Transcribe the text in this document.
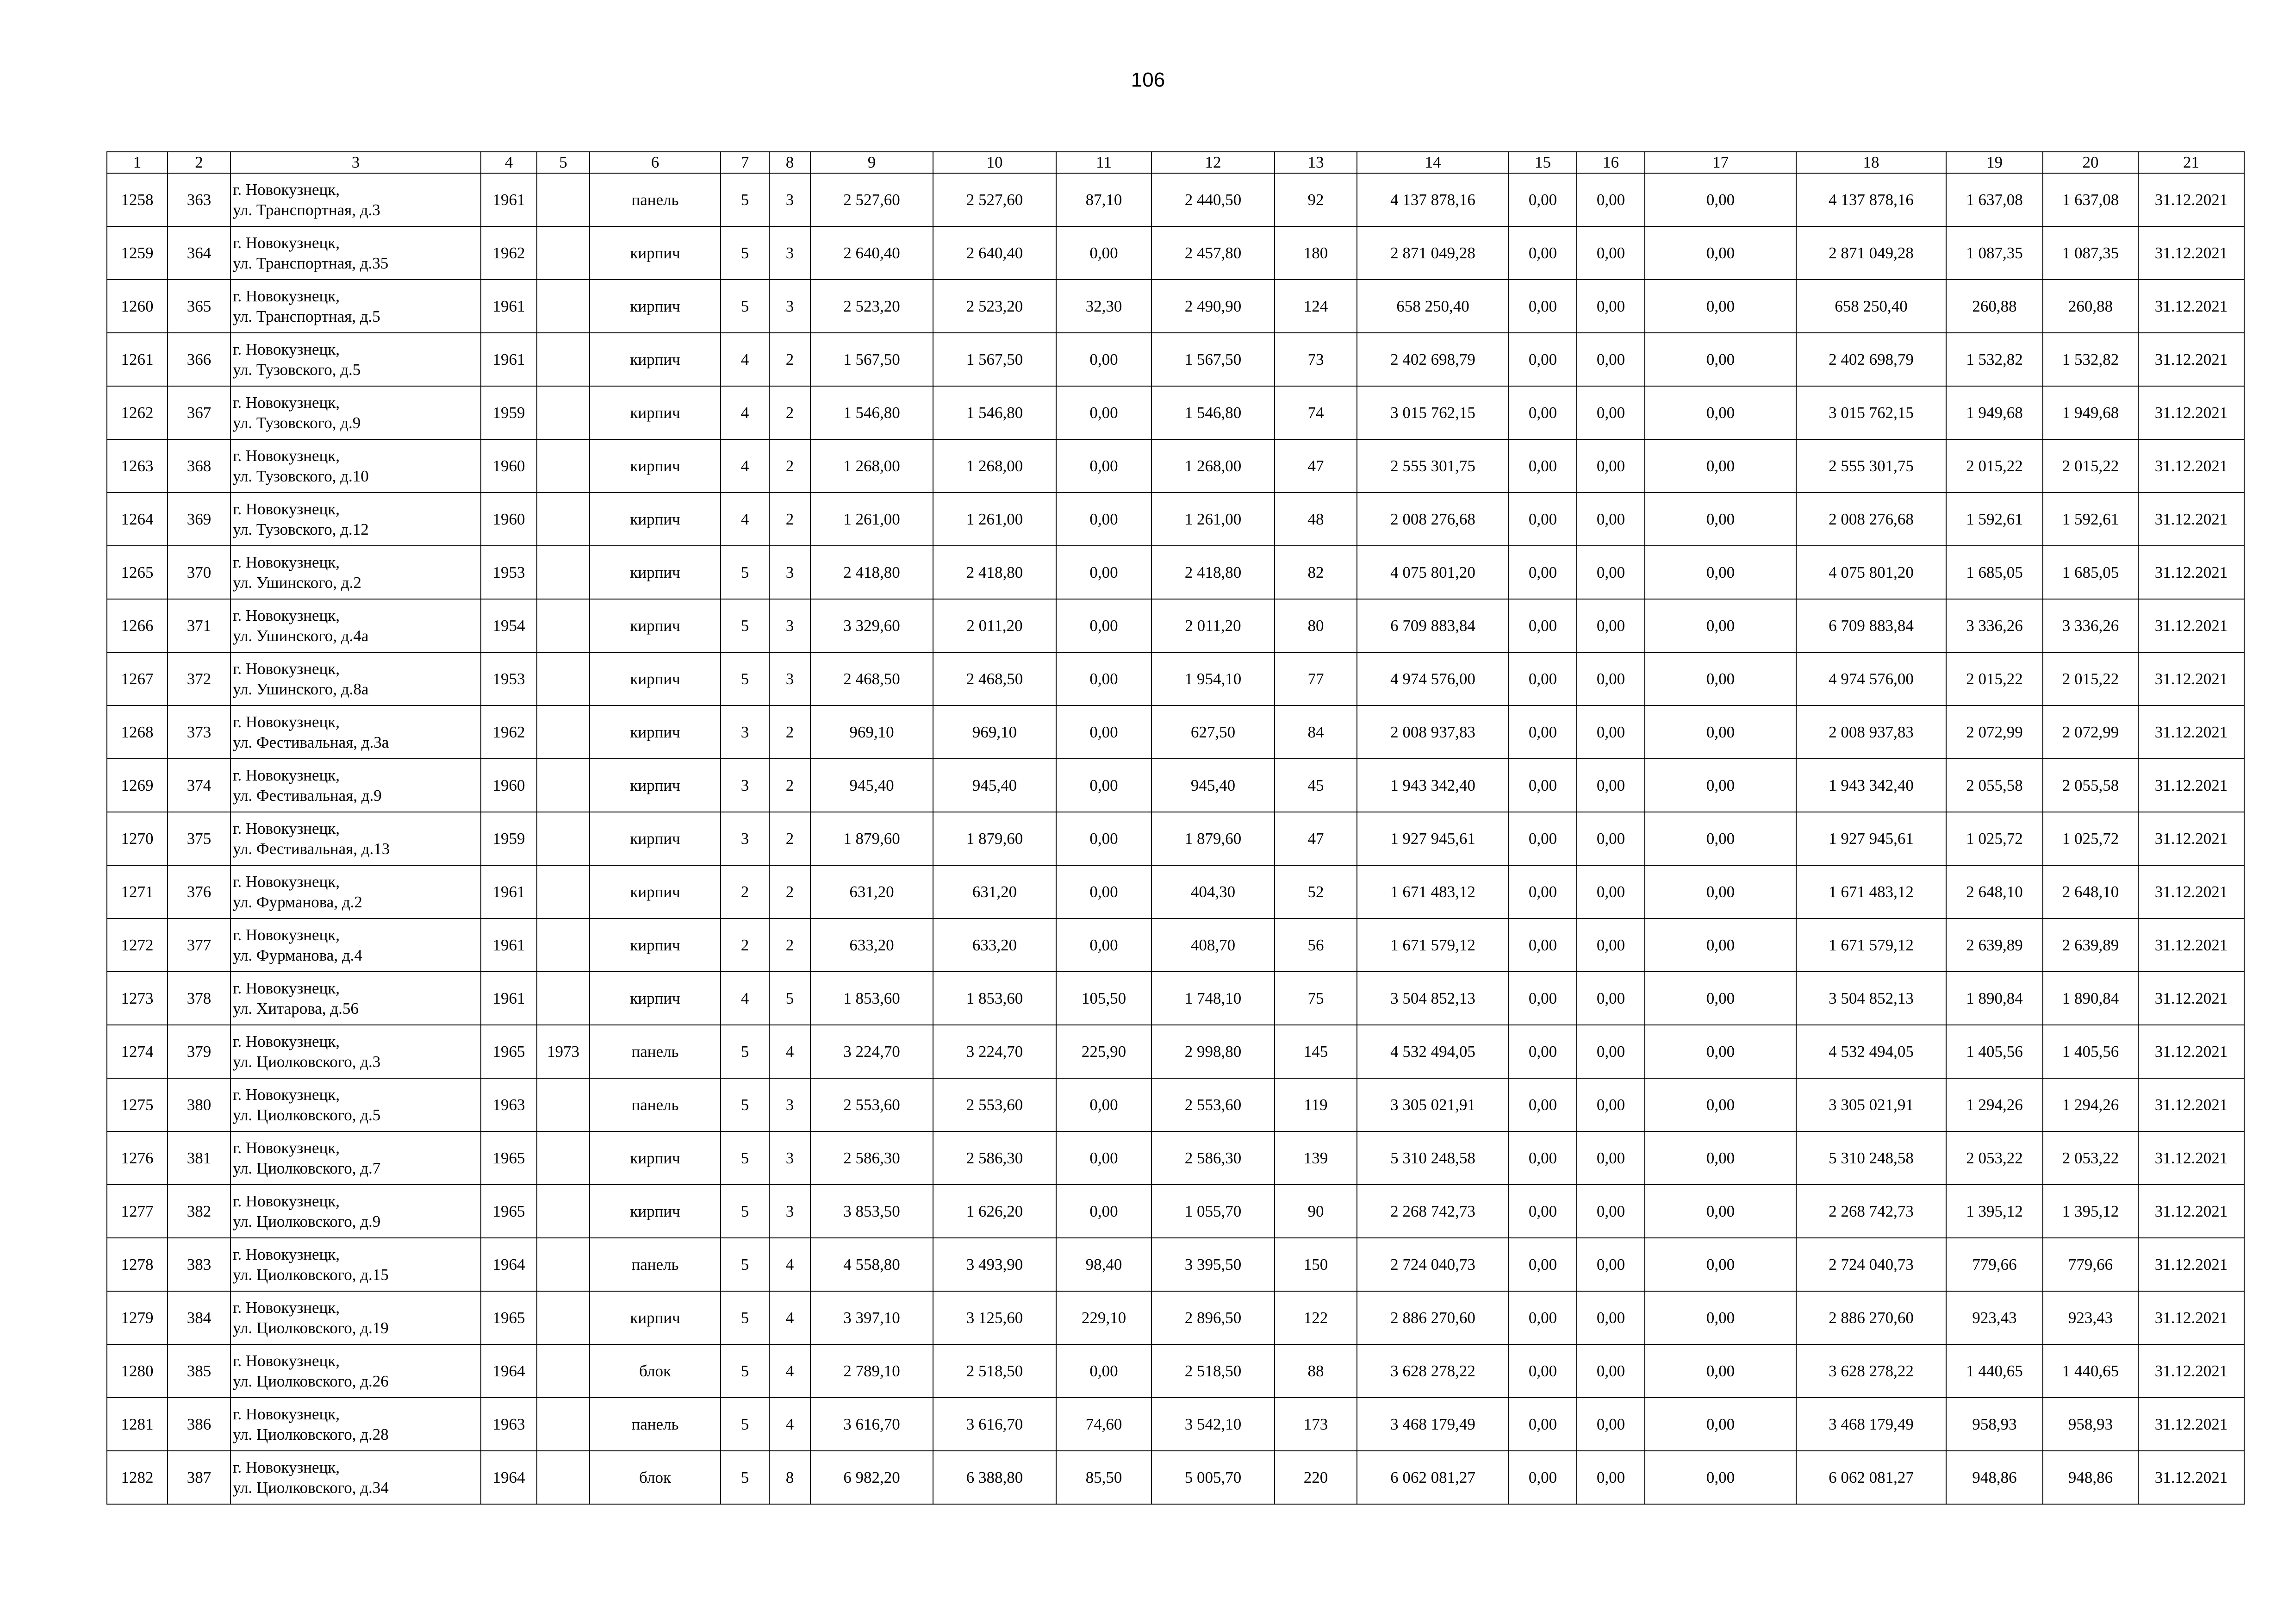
106
1	2	3	4	5	6	7	8	9	10	11	12	13	14	15	16	17	18	19	20	21
1258	363	г. Новокузнецк,
ул. Транспортная, д.3	1961		панель	5	3	2 527,60	2 527,60	87,10	2 440,50	92	4 137 878,16	0,00	0,00	0,00	4 137 878,16	1 637,08	1 637,08	31.12.2021
1259	364	г. Новокузнецк,
ул. Транспортная, д.35	1962		кирпич	5	3	2 640,40	2 640,40	0,00	2 457,80	180	2 871 049,28	0,00	0,00	0,00	2 871 049,28	1 087,35	1 087,35	31.12.2021
1260	365	г. Новокузнецк,
ул. Транспортная, д.5	1961		кирпич	5	3	2 523,20	2 523,20	32,30	2 490,90	124	658 250,40	0,00	0,00	0,00	658 250,40	260,88	260,88	31.12.2021
1261	366	г. Новокузнецк,
ул. Тузовского, д.5	1961		кирпич	4	2	1 567,50	1 567,50	0,00	1 567,50	73	2 402 698,79	0,00	0,00	0,00	2 402 698,79	1 532,82	1 532,82	31.12.2021
1262	367	г. Новокузнецк,
ул. Тузовского, д.9	1959		кирпич	4	2	1 546,80	1 546,80	0,00	1 546,80	74	3 015 762,15	0,00	0,00	0,00	3 015 762,15	1 949,68	1 949,68	31.12.2021
1263	368	г. Новокузнецк,
ул. Тузовского, д.10	1960		кирпич	4	2	1 268,00	1 268,00	0,00	1 268,00	47	2 555 301,75	0,00	0,00	0,00	2 555 301,75	2 015,22	2 015,22	31.12.2021
1264	369	г. Новокузнецк,
ул. Тузовского, д.12	1960		кирпич	4	2	1 261,00	1 261,00	0,00	1 261,00	48	2 008 276,68	0,00	0,00	0,00	2 008 276,68	1 592,61	1 592,61	31.12.2021
1265	370	г. Новокузнецк,
ул. Ушинского, д.2	1953		кирпич	5	3	2 418,80	2 418,80	0,00	2 418,80	82	4 075 801,20	0,00	0,00	0,00	4 075 801,20	1 685,05	1 685,05	31.12.2021
1266	371	г. Новокузнецк,
ул. Ушинского, д.4а	1954		кирпич	5	3	3 329,60	2 011,20	0,00	2 011,20	80	6 709 883,84	0,00	0,00	0,00	6 709 883,84	3 336,26	3 336,26	31.12.2021
1267	372	г. Новокузнецк,
ул. Ушинского, д.8а	1953		кирпич	5	3	2 468,50	2 468,50	0,00	1 954,10	77	4 974 576,00	0,00	0,00	0,00	4 974 576,00	2 015,22	2 015,22	31.12.2021
1268	373	г. Новокузнецк,
ул. Фестивальная, д.3а	1962		кирпич	3	2	969,10	969,10	0,00	627,50	84	2 008 937,83	0,00	0,00	0,00	2 008 937,83	2 072,99	2 072,99	31.12.2021
1269	374	г. Новокузнецк,
ул. Фестивальная, д.9	1960		кирпич	3	2	945,40	945,40	0,00	945,40	45	1 943 342,40	0,00	0,00	0,00	1 943 342,40	2 055,58	2 055,58	31.12.2021
1270	375	г. Новокузнецк,
ул. Фестивальная, д.13	1959		кирпич	3	2	1 879,60	1 879,60	0,00	1 879,60	47	1 927 945,61	0,00	0,00	0,00	1 927 945,61	1 025,72	1 025,72	31.12.2021
1271	376	г. Новокузнецк,
ул. Фурманова, д.2	1961		кирпич	2	2	631,20	631,20	0,00	404,30	52	1 671 483,12	0,00	0,00	0,00	1 671 483,12	2 648,10	2 648,10	31.12.2021
1272	377	г. Новокузнецк,
ул. Фурманова, д.4	1961		кирпич	2	2	633,20	633,20	0,00	408,70	56	1 671 579,12	0,00	0,00	0,00	1 671 579,12	2 639,89	2 639,89	31.12.2021
1273	378	г. Новокузнецк,
ул. Хитарова, д.56	1961		кирпич	4	5	1 853,60	1 853,60	105,50	1 748,10	75	3 504 852,13	0,00	0,00	0,00	3 504 852,13	1 890,84	1 890,84	31.12.2021
1274	379	г. Новокузнецк,
ул. Циолковского, д.3	1965	1973	панель	5	4	3 224,70	3 224,70	225,90	2 998,80	145	4 532 494,05	0,00	0,00	0,00	4 532 494,05	1 405,56	1 405,56	31.12.2021
1275	380	г. Новокузнецк,
ул. Циолковского, д.5	1963		панель	5	3	2 553,60	2 553,60	0,00	2 553,60	119	3 305 021,91	0,00	0,00	0,00	3 305 021,91	1 294,26	1 294,26	31.12.2021
1276	381	г. Новокузнецк,
ул. Циолковского, д.7	1965		кирпич	5	3	2 586,30	2 586,30	0,00	2 586,30	139	5 310 248,58	0,00	0,00	0,00	5 310 248,58	2 053,22	2 053,22	31.12.2021
1277	382	г. Новокузнецк,
ул. Циолковского, д.9	1965		кирпич	5	3	3 853,50	1 626,20	0,00	1 055,70	90	2 268 742,73	0,00	0,00	0,00	2 268 742,73	1 395,12	1 395,12	31.12.2021
1278	383	г. Новокузнецк,
ул. Циолковского, д.15	1964		панель	5	4	4 558,80	3 493,90	98,40	3 395,50	150	2 724 040,73	0,00	0,00	0,00	2 724 040,73	779,66	779,66	31.12.2021
1279	384	г. Новокузнецк,
ул. Циолковского, д.19	1965		кирпич	5	4	3 397,10	3 125,60	229,10	2 896,50	122	2 886 270,60	0,00	0,00	0,00	2 886 270,60	923,43	923,43	31.12.2021
1280	385	г. Новокузнецк,
ул. Циолковского, д.26	1964		блок	5	4	2 789,10	2 518,50	0,00	2 518,50	88	3 628 278,22	0,00	0,00	0,00	3 628 278,22	1 440,65	1 440,65	31.12.2021
1281	386	г. Новокузнецк,
ул. Циолковского, д.28	1963		панель	5	4	3 616,70	3 616,70	74,60	3 542,10	173	3 468 179,49	0,00	0,00	0,00	3 468 179,49	958,93	958,93	31.12.2021
1282	387	г. Новокузнецк,
ул. Циолковского, д.34	1964		блок	5	8	6 982,20	6 388,80	85,50	5 005,70	220	6 062 081,27	0,00	0,00	0,00	6 062 081,27	948,86	948,86	31.12.2021
